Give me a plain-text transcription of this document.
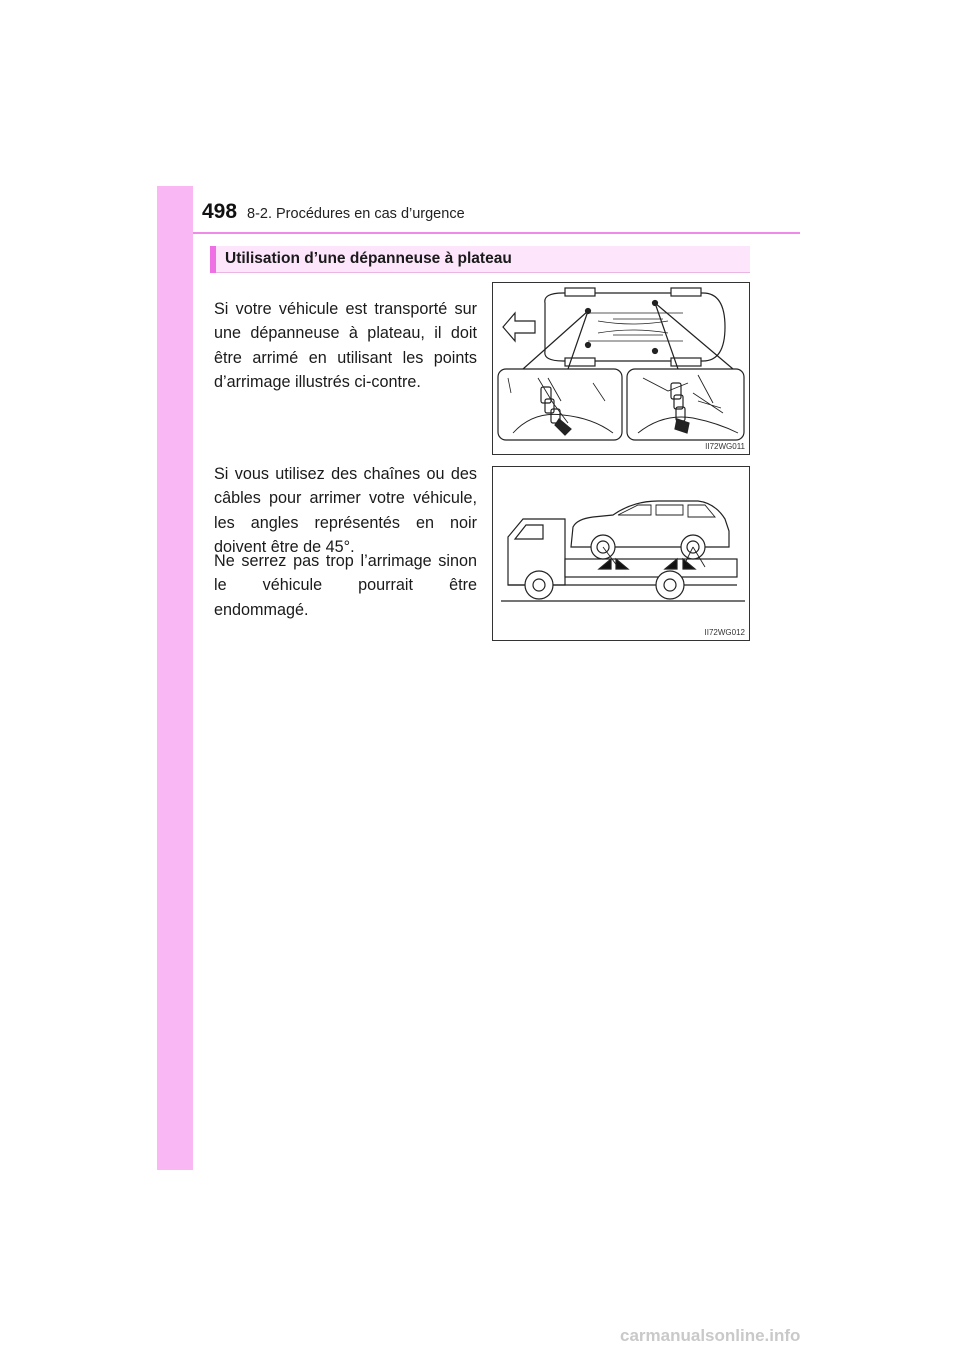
498 8-2. Procédures en cas d’urgence
Utilisation d’une dépanneuse à plateau

Si votre véhicule est transporté sur une dépanneuse à plateau, il doit être arrimé en utilisant les points d’arrimage illustrés ci-contre.

Si vous utilisez des chaînes ou des câbles pour arrimer votre véhicule, les angles représentés en noir doivent être de 45°.

Ne serrez pas trop l’arrimage sinon le véhicule pourrait être endommagé.

II72WG011
II72WG012
carmanualsonline.info
